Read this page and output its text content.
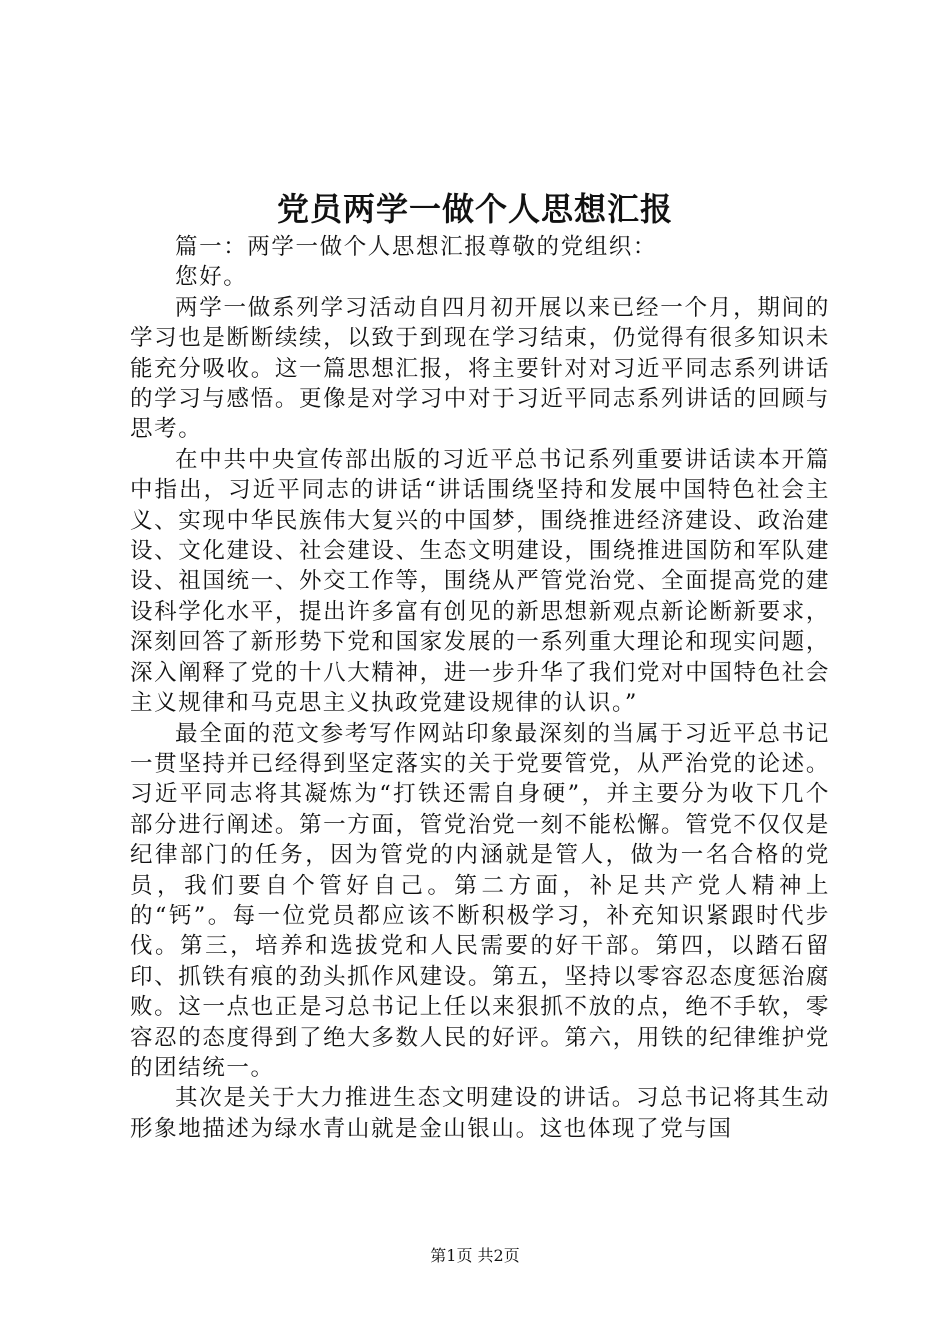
党员两学一做个人思想汇报

篇一：两学一做个人思想汇报尊敬的党组织：

您好。

两学一做系列学习活动自四月初开展以来已经一个月，期间的学习也是断断续续，以致于到现在学习结束，仍觉得有很多知识未能充分吸收。这一篇思想汇报，将主要针对对习近平同志系列讲话的学习与感悟。更像是对学习中对于习近平同志系列讲话的回顾与思考。

在中共中央宣传部出版的习近平总书记系列重要讲话读本开篇中指出，习近平同志的讲话“讲话围绕坚持和发展中国特色社会主义、实现中华民族伟大复兴的中国梦，围绕推进经济建设、政治建设、文化建设、社会建设、生态文明建设，围绕推进国防和军队建设、祖国统一、外交工作等，围绕从严管党治党、全面提高党的建设科学化水平，提出许多富有创见的新思想新观点新论断新要求，深刻回答了新形势下党和国家发展的一系列重大理论和现实问题，深入阐释了党的十八大精神，进一步升华了我们党对中国特色社会主义规律和马克思主义执政党建设规律的认识。”

最全面的范文参考写作网站印象最深刻的当属于习近平总书记一贯坚持并已经得到坚定落实的关于党要管党，从严治党的论述。习近平同志将其凝炼为“打铁还需自身硬”，并主要分为收下几个部分进行阐述。第一方面，管党治党一刻不能松懈。管党不仅仅是纪律部门的任务，因为管党的内涵就是管人，做为一名合格的党员，我们要自个管好自己。第二方面，补足共产党人精神上的“钙”。每一位党员都应该不断积极学习，补充知识紧跟时代步伐。第三，培养和选拔党和人民需要的好干部。第四，以踏石留印、抓铁有痕的劲头抓作风建设。第五，坚持以零容忍态度惩治腐败。这一点也正是习总书记上任以来狠抓不放的点，绝不手软，零容忍的态度得到了绝大多数人民的好评。第六，用铁的纪律维护党的团结统一。

其次是关于大力推进生态文明建设的讲话。习总书记将其生动形象地描述为绿水青山就是金山银山。这也体现了党与国

第1页 共2页
